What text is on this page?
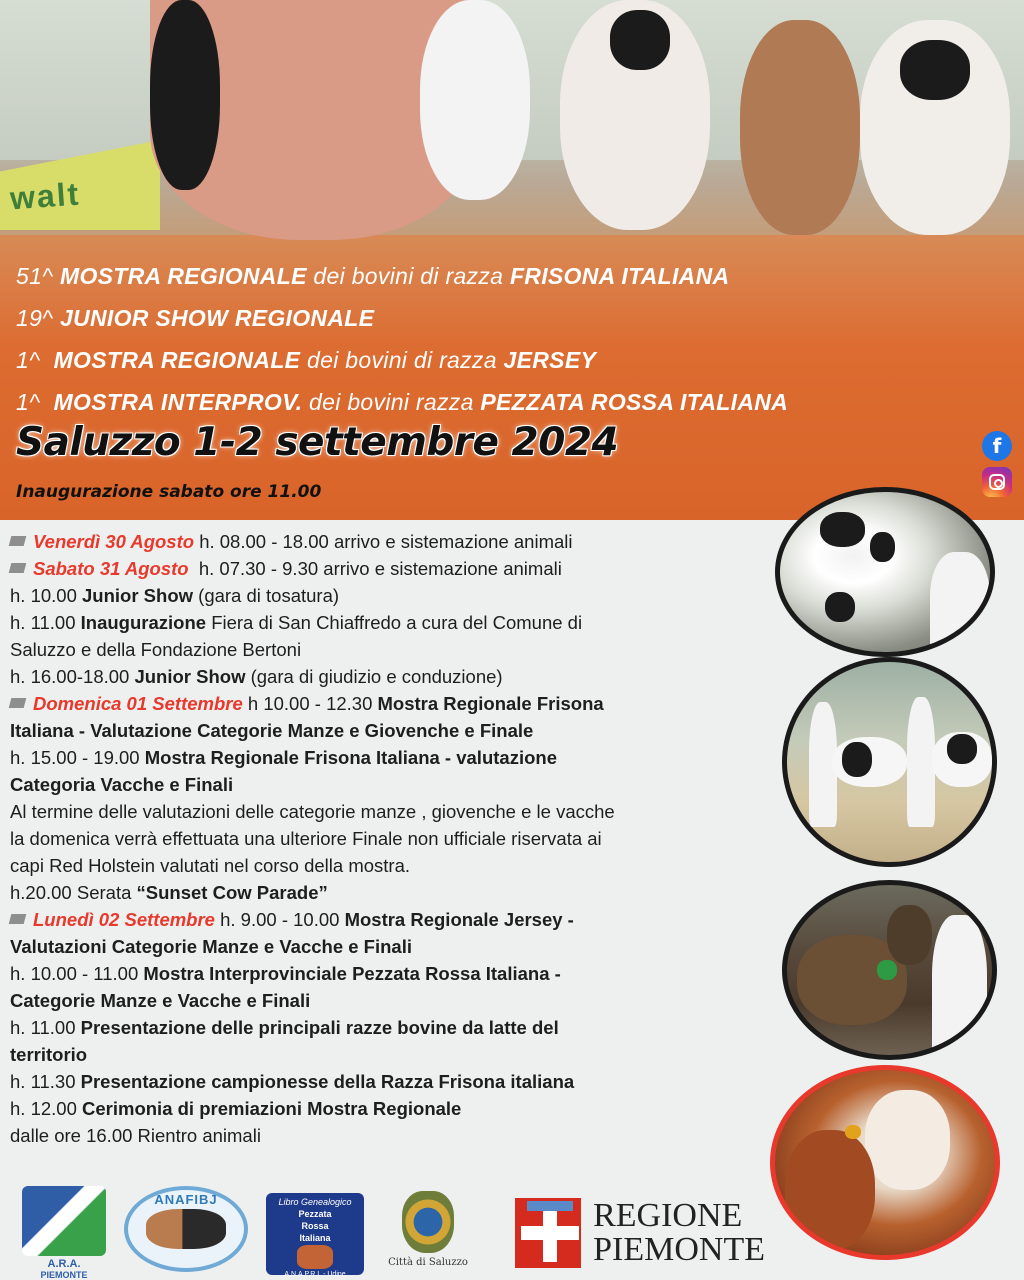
walt
51^ MOSTRA REGIONALE dei bovini di razza FRISONA ITALIANA
19^ JUNIOR SHOW REGIONALE
1^ MOSTRA REGIONALE dei bovini di razza JERSEY
1^ MOSTRA INTERPROV. dei bovini razza PEZZATA ROSSA ITALIANA
Saluzzo 1-2 settembre 2024
Inaugurazione sabato ore 11.00
f
Venerdì 30 Agosto h. 08.00 - 18.00 arrivo e sistemazione animali
Sabato 31 Agosto h. 07.30 - 9.30 arrivo e sistemazione animali
h. 10.00 Junior Show (gara di tosatura)
h. 11.00 Inaugurazione Fiera di San Chiaffredo a cura del Comune di
Saluzzo e della Fondazione Bertoni
h. 16.00-18.00 Junior Show (gara di giudizio e conduzione)
Domenica 01 Settembre h 10.00 - 12.30 Mostra Regionale Frisona
Italiana - Valutazione Categorie Manze e Giovenche e Finale
h. 15.00 - 19.00 Mostra Regionale Frisona Italiana - valutazione
Categoria Vacche e Finali
Al termine delle valutazioni delle categorie manze , giovenche e le vacche
la domenica verrà effettuata una ulteriore Finale non ufficiale riservata ai
capi Red Holstein valutati nel corso della mostra.
h.20.00 Serata “Sunset Cow Parade”
Lunedì 02 Settembre h. 9.00 - 10.00 Mostra Regionale Jersey -
Valutazioni Categorie Manze e Vacche e Finali
h. 10.00 - 11.00 Mostra Interprovinciale Pezzata Rossa Italiana -
Categorie Manze e Vacche e Finali
h. 11.00 Presentazione delle principali razze bovine da latte del
territorio
h. 11.30 Presentazione campionesse della Razza Frisona italiana
h. 12.00 Cerimonia di premiazioni Mostra Regionale
dalle ore 16.00 Rientro animali
A.R.A.
PIEMONTE
ANAFIBJ	Libro Genealogico
Pezzata
Rossa
Italiana
A.N.A.P.R.I. - Udine
Città di Saluzzo
REGIONE
PIEMONTE
